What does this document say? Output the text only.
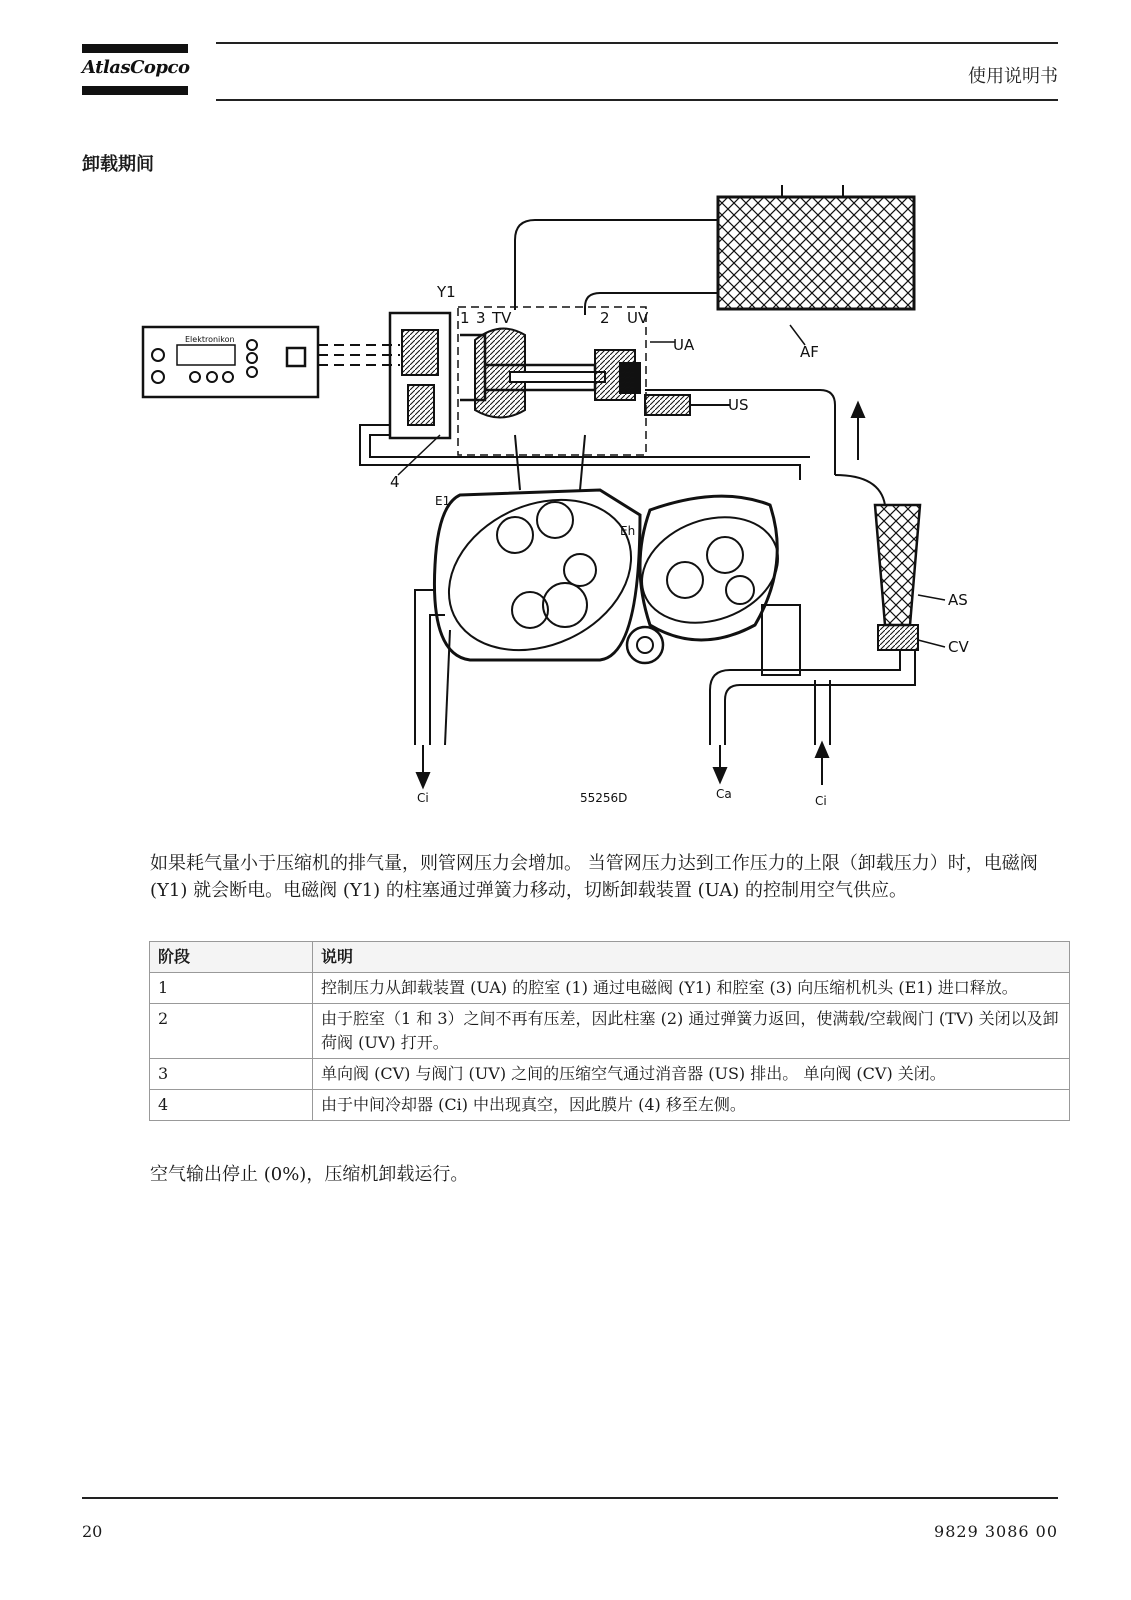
AtlasCopco	使用说明书
卸载期间
Y1
1 3 TV	2 UV
UA	AF
US
4
E1
Eh
AS
CV
Ci	Ca	Ci
55256D
Elektronikon
如果耗气量小于压缩机的排气量，则管网压力会增加。 当管网压力达到工作压力的上限（卸载压力）时，电磁阀 (Y1) 就会断电。电磁阀 (Y1) 的柱塞通过弹簧力移动，切断卸载装置 (UA) 的控制用空气供应。
阶段	说明
1	控制压力从卸载装置 (UA) 的腔室 (1) 通过电磁阀 (Y1) 和腔室 (3) 向压缩机机头 (E1) 进口释放。
2	由于腔室（1 和 3）之间不再有压差，因此柱塞 (2) 通过弹簧力返回，使满载/空载阀门 (TV) 关闭以及卸荷阀 (UV) 打开。
3	单向阀 (CV) 与阀门 (UV) 之间的压缩空气通过消音器 (US) 排出。 单向阀 (CV) 关闭。
4	由于中间冷却器 (Ci) 中出现真空，因此膜片 (4) 移至左侧。
空气输出停止 (0%)，压缩机卸载运行。
20	9829 3086 00
